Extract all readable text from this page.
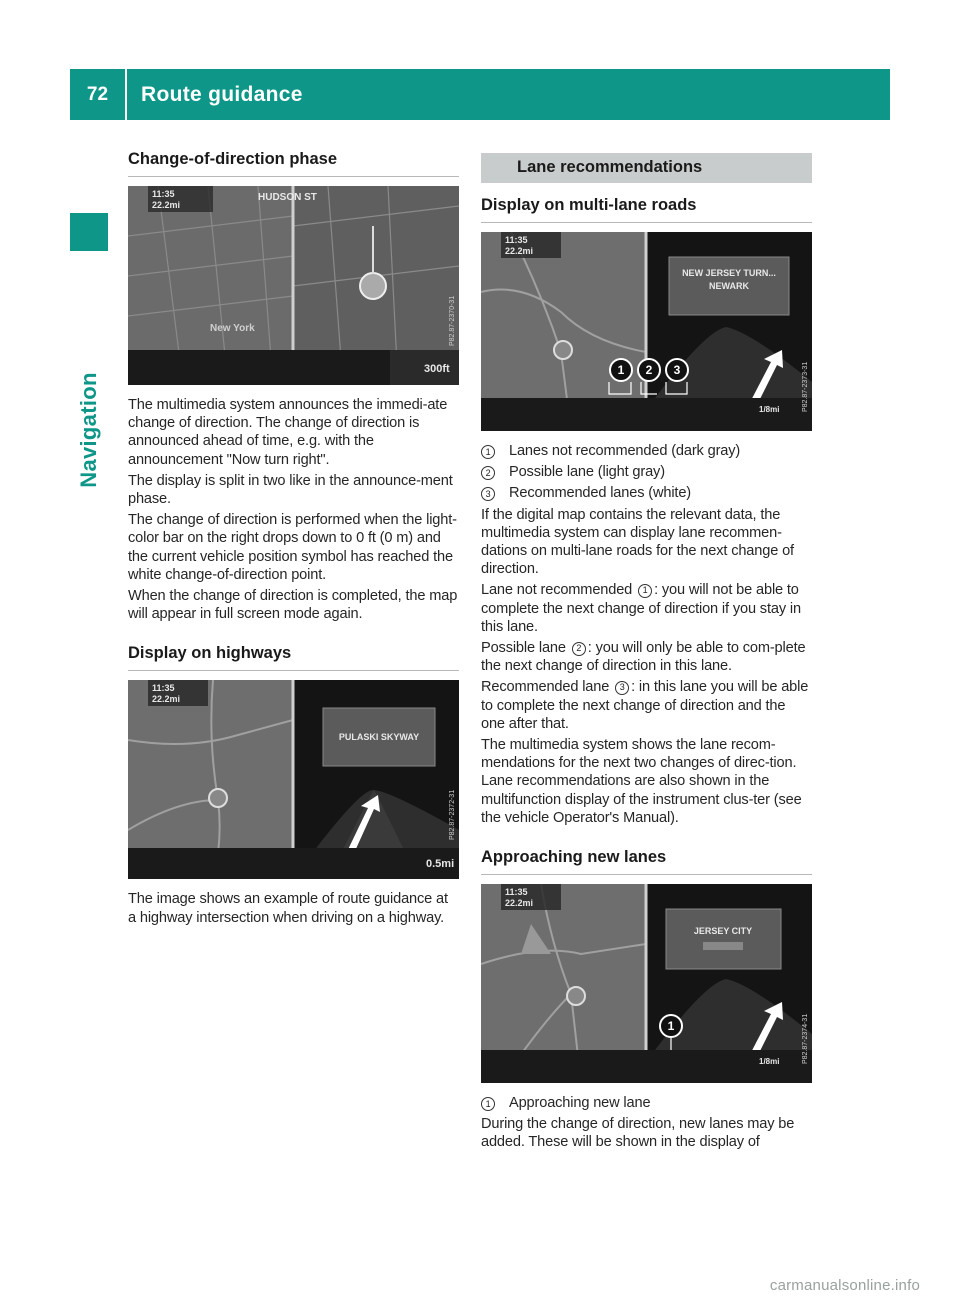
72	Route guidance
Navigation
Change-of-direction phase
11:35
22.2mi
HUDSON ST
New York
300ft
P82.87-2370-31

The multimedia system announces the immedi-ate change of direction. The change of direction is announced ahead of time, e.g. with the announcement "Now turn right".

The display is split in two like in the announce-ment phase.

The change of direction is performed when the light-color bar on the right drops down to 0 ft (0 m) and the current vehicle position symbol has reached the white change-of-direction point.

When the change of direction is completed, the map will appear in full screen mode again.

Display on highways
11:35
22.2mi
PULASKI SKYWAY
0.5mi
P82.87-2372-31

The image shows an example of route guidance at a highway intersection when driving on a highway.

Lane recommendations
Display on multi-lane roads
1 2 3
11:35
22.2mi
NEW JERSEY TURN...
NEWARK
1/8mi	P82.87-2373-31
1	Lanes not recommended (dark gray)
2	Possible lane (light gray)
3	Recommended lanes (white)

If the digital map contains the relevant data, the multimedia system can display lane recommen-dations on multi-lane roads for the next change of direction.

Lane not recommended 1 : you will not be able to complete the next change of direction if you stay in this lane.

Possible lane 2 : you will only be able to com-plete the next change of direction in this lane.

Recommended lane 3 : in this lane you will be able to complete the next change of direction and the one after that.

The multimedia system shows the lane recom-mendations for the next two changes of direc-tion. Lane recommendations are also shown in the multifunction display of the instrument clus-ter (see the vehicle Operator's Manual).

Approaching new lanes
1
11:35
22.2mi
JERSEY CITY
1/8mi	P82.87-2374-31
1	Approaching new lane

During the change of direction, new lanes may be added. These will be shown in the display of

carmanualsonline.info
